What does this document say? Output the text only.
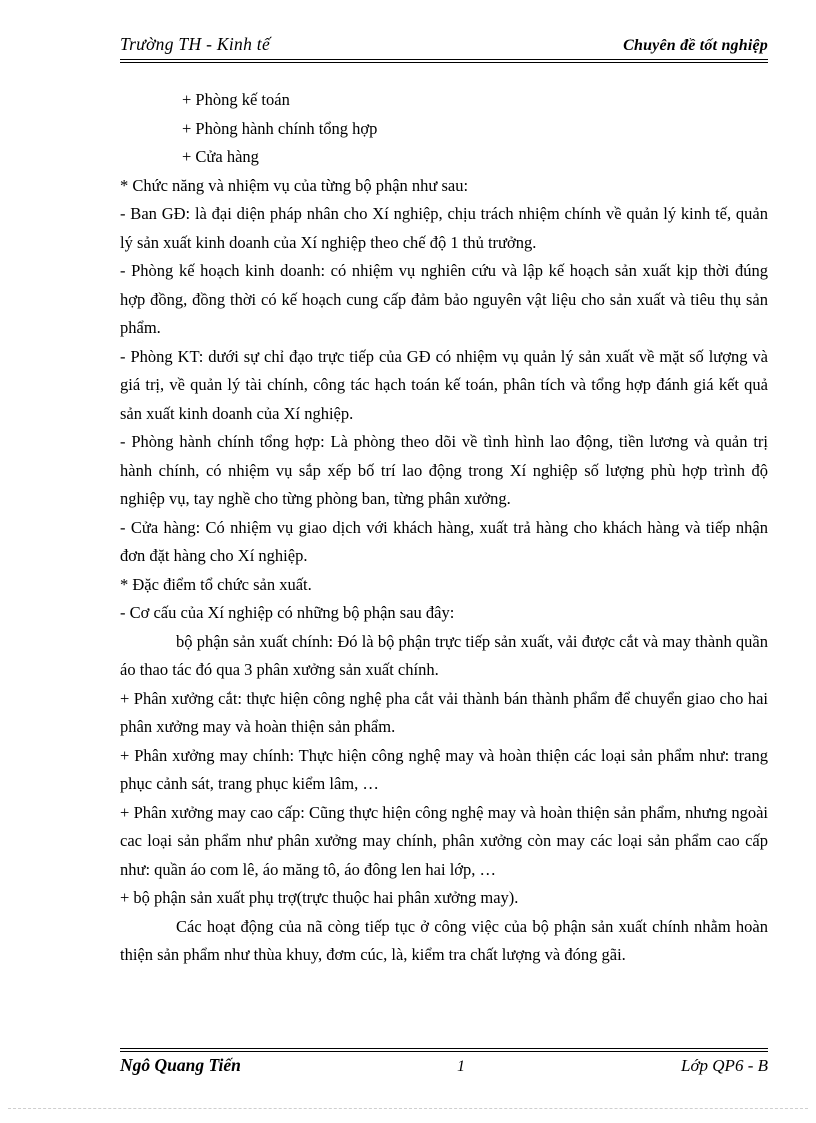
Trường TH - Kinh tế	Chuyên đề tốt nghiệp

+ Phòng kế toán

+ Phòng hành chính tổng hợp

+ Cửa hàng

* Chức năng và nhiệm vụ của từng bộ phận như sau:

- Ban GĐ: là đại diện pháp nhân cho Xí nghiệp, chịu trách nhiệm chính về quản lý kinh tế, quản lý sản xuất kinh doanh của Xí nghiệp theo chế độ 1 thủ trưởng.

- Phòng kế hoạch kinh doanh: có nhiệm vụ nghiên cứu và lập kế hoạch sản xuất kịp thời đúng hợp đồng, đồng thời có kế hoạch cung cấp đảm bảo nguyên vật liệu cho sản xuất và tiêu thụ sản phẩm.

- Phòng KT: dưới sự chỉ đạo trực tiếp của GĐ có nhiệm vụ quản lý sản xuất về mặt số lượng và giá trị, về quản lý tài chính, công tác hạch toán kế toán, phân tích và tổng hợp đánh giá kết quả sản xuất kinh doanh của Xí nghiệp.

- Phòng hành chính tổng hợp: Là phòng theo dõi về tình hình lao động, tiền lương và quản trị hành chính, có nhiệm vụ sắp xếp bố trí lao động trong Xí nghiệp số lượng phù hợp trình độ nghiệp vụ, tay nghề cho từng phòng ban, từng phân xưởng.

- Cửa hàng: Có nhiệm vụ giao dịch với khách hàng, xuất trả hàng cho khách hàng và tiếp nhận đơn đặt hàng cho Xí nghiệp.

* Đặc điểm tổ chức sản xuất.

- Cơ cấu của Xí nghiệp có những bộ phận sau đây:

bộ phận sản xuất chính: Đó là bộ phận trực tiếp sản xuất, vải được cắt và may thành quần áo thao tác đó qua 3 phân xưởng sản xuất chính.

+ Phân xưởng cắt: thực hiện công nghệ pha cắt vải thành bán thành phẩm để chuyển giao cho hai phân xưởng may và hoàn thiện sản phẩm.

+ Phân xưởng may chính: Thực hiện công nghệ may và hoàn thiện các loại sản phẩm như: trang phục cảnh sát, trang phục kiểm lâm, …

+ Phân xưởng may cao cấp: Cũng thực hiện công nghệ may và hoàn thiện sản phẩm, nhưng ngoài cac loại sản phẩm như phân xưởng may chính, phân xưởng còn may các loại sản phẩm cao cấp như: quần áo com lê, áo măng tô, áo đông len hai lớp, …

+ bộ phận sản xuất phụ trợ(trực thuộc hai phân xưởng may).

Các hoạt động của nã còng tiếp tục ở công việc của bộ phận sản xuất chính nhằm hoàn thiện sản phẩm như thùa khuy, đơm cúc, là, kiểm tra chất lượng và đóng gãi.

Ngô Quang Tiến	1	Lớp QP6 - B
